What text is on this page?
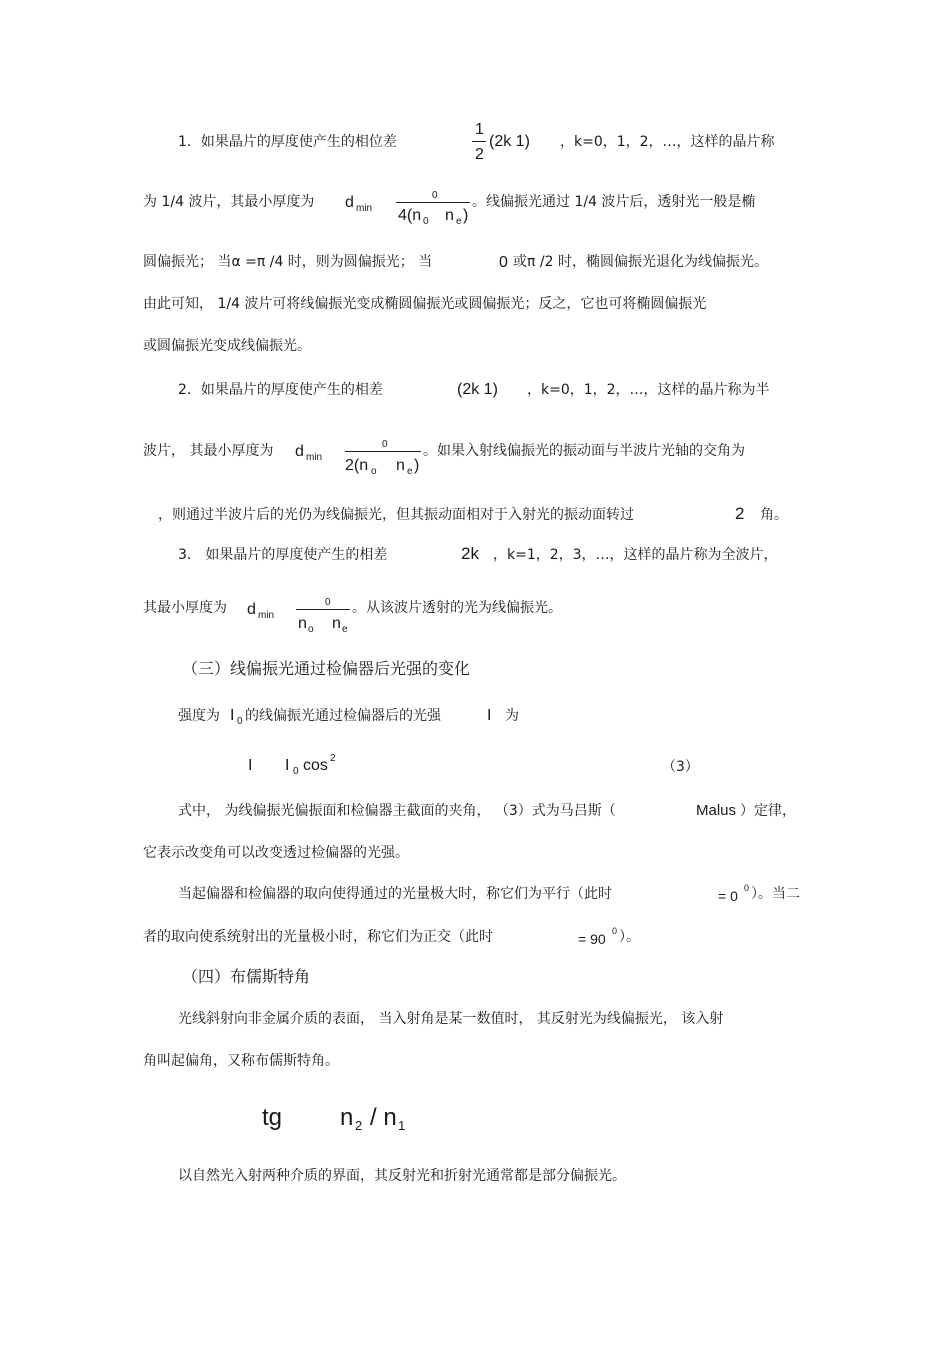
1．如果晶片的厚度使产生的相位差
1
2
(2k 1) ，k=0，1，2，…，这样的晶片称
为 1/4 波片，其最小厚度为 d min
0
4(n 0 n e )
。线偏振光通过 1/4 波片后，透射光一般是椭
圆偏振光； 当α =π /4 时，则为圆偏振光； 当	0 或π /2 时，椭圆偏振光退化为线偏振光。
由此可知， 1/4 波片可将线偏振光变成椭圆偏振光或圆偏振光；反之，它也可将椭圆偏振光
或圆偏振光变成线偏振光。
2．如果晶片的厚度使产生的相差	(2k 1) ，k=0，1，2，…，这样的晶片称为半
波片， 其最小厚度为 d min
0
2(n o n e )
。如果入射线偏振光的振动面与半波片光轴的交角为
，则通过半波片后的光仍为线偏振光，但其振动面相对于入射光的振动面转过	2 角。
3． 如果晶片的厚度使产生的相差	2k ，k=1，2，3，…，这样的晶片称为全波片，
其最小厚度为 d min
0
n o n e
。从该波片透射的光为线偏振光。
（三）线偏振光通过检偏器后光强的变化
强度为 I 0 的线偏振光通过检偏器后的光强	I 为
I I 0 cos 2
（3）
式中， 为线偏振光偏振面和检偏器主截面的夹角， （3）式为马吕斯（	Malus ）定律，
它表示改变角可以改变透过检偏器的光强。
当起偏器和检偏器的取向使得通过的光量极大时，称它们为平行（此时	= 0 0 ）。当二
者的取向使系统射出的光量极小时，称它们为正交（此时	= 90 0 ）。
（四）布儒斯特角
光线斜射向非金属介质的表面， 当入射角是某一数值时， 其反射光为线偏振光， 该入射
角叫起偏角，又称布儒斯特角。
tg n 2 / n 1
以自然光入射两种介质的界面，其反射光和折射光通常都是部分偏振光。
